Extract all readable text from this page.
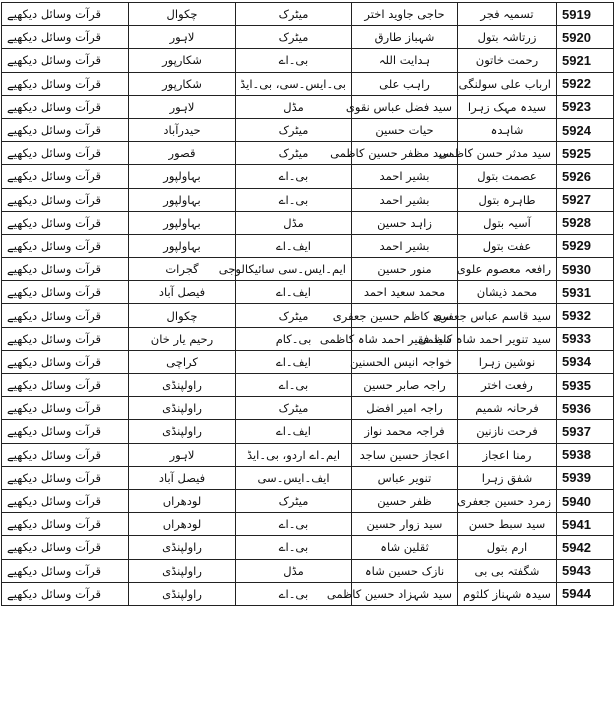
قرآت وسائل دیکھیے	چکوال	میٹرک	حاجی جاوید اختر	تسمیہ فجر	5919
قرآت وسائل دیکھیے	لاہور	میٹرک	شہباز طارق	زرتاشہ بتول	5920
قرآت وسائل دیکھیے	شکارپور	بی۔اے	ہدایت اللہ	رحمت خاتون	5921
قرآت وسائل دیکھیے	شکارپور	بی۔ایس۔سی، بی۔ایڈ	راہب علی	ارباب علی سولنگی	5922
قرآت وسائل دیکھیے	لاہور	مڈل	سید فضل عباس نقوی	سیدہ مہک زہرا	5923
قرآت وسائل دیکھیے	حیدرآباد	میٹرک	حیات حسین	شاہدہ	5924
قرآت وسائل دیکھیے	قصور	میٹرک	سید مظفر حسین کاظمی	سید مدثر حسن کاظمی	5925
قرآت وسائل دیکھیے	بہاولپور	بی۔اے	بشیر احمد	عصمت بتول	5926
قرآت وسائل دیکھیے	بہاولپور	بی۔اے	بشیر احمد	طاہرہ بتول	5927
قرآت وسائل دیکھیے	بہاولپور	مڈل	زاہد حسین	آسیہ بتول	5928
قرآت وسائل دیکھیے	بہاولپور	ایف۔اے	بشیر احمد	عفت بتول	5929
قرآت وسائل دیکھیے	گجرات	ایم۔ایس۔سی سائیکالوجی	منور حسین	رافعہ معصوم علوی	5930
قرآت وسائل دیکھیے	فیصل آباد	ایف۔اے	محمد سعید احمد	محمد ذیشان	5931
قرآت وسائل دیکھیے	چکوال	میٹرک	سید کاظم حسین جعفری	سید قاسم عباس جعفری	5932
قرآت وسائل دیکھیے	رحیم یار خان	بی۔کام	سید فقیر احمد شاہ کاظمی	سید تنویر احمد شاہ کاظمی	5933
قرآت وسائل دیکھیے	کراچی	ایف۔اے	خواجہ انیس الحسنین	نوشین زہرا	5934
قرآت وسائل دیکھیے	راولپنڈی	بی۔اے	راجہ صابر حسین	رفعت اختر	5935
قرآت وسائل دیکھیے	راولپنڈی	میٹرک	راجہ امیر افضل	فرحانہ شمیم	5936
قرآت وسائل دیکھیے	راولپنڈی	ایف۔اے	فراجہ محمد نواز	فرحت نازنین	5937
قرآت وسائل دیکھیے	لاہور	ایم۔اے اردو، بی۔ایڈ	اعجاز حسین ساجد	رمنا اعجاز	5938
قرآت وسائل دیکھیے	فیصل آباد	ایف۔ایس۔سی	تنویر عباس	شفق زہرا	5939
قرآت وسائل دیکھیے	لودھراں	میٹرک	ظفر حسین	زمرد حسین جعفری	5940
قرآت وسائل دیکھیے	لودھراں	بی۔اے	سید زوار حسین	سید سبط حسن	5941
قرآت وسائل دیکھیے	راولپنڈی	بی۔اے	ثقلین شاہ	ارم بتول	5942
قرآت وسائل دیکھیے	راولپنڈی	مڈل	نازک حسین شاہ	شگفتہ بی بی	5943
قرآت وسائل دیکھیے	راولپنڈی	بی۔اے	سید شہزاد حسین کاظمی	سیدہ شہناز کلثوم	5944
